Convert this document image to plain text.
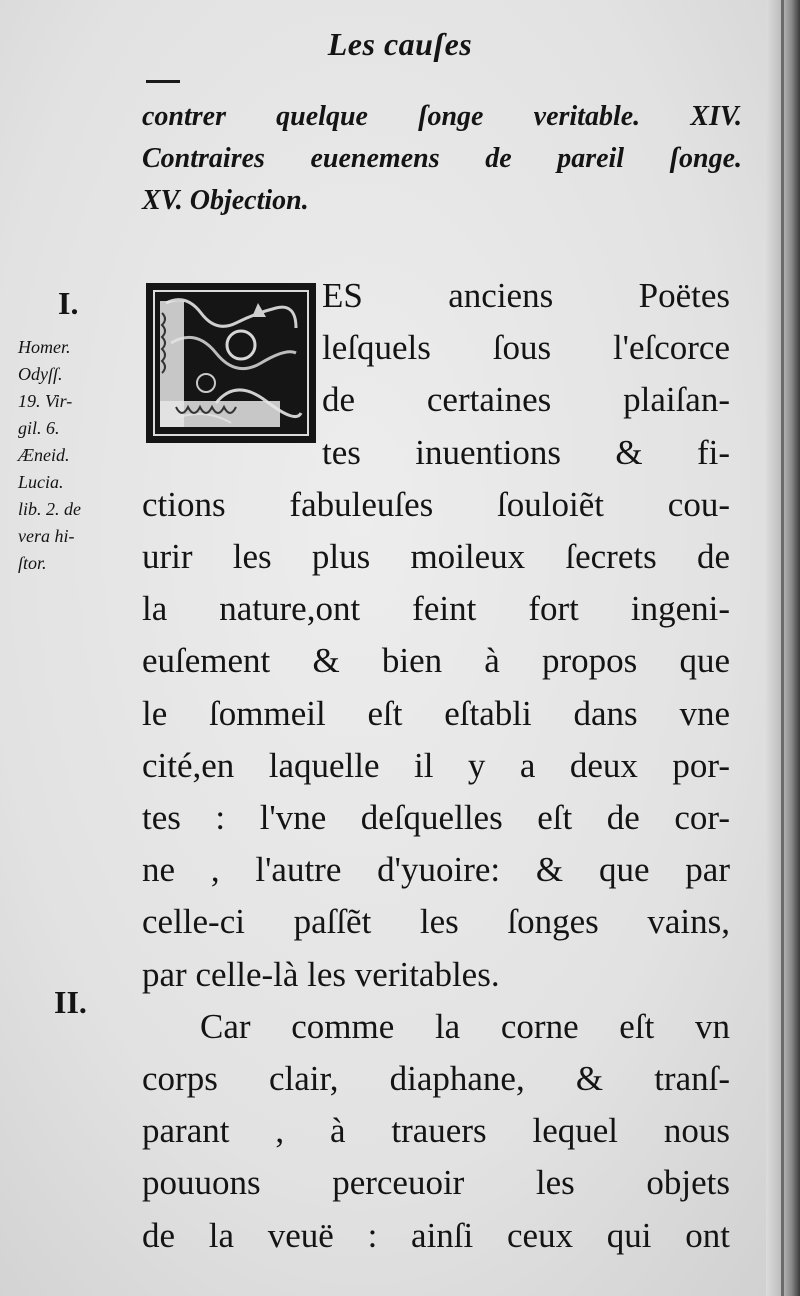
Les cauſes
contrer quelque ſonge veritable. XIV.
Contraires euenemens de pareil ſonge.
XV. Objection.
I.
II.
Homer.
Odyſſ.
19. Vir-
gil. 6.
Æneid.
Lucia.
lib. 2. de
vera hi-
ſtor.
ES anciens Poëtes
leſquels ſous l'eſcorce
de certaines plaiſan-
tes inuentions & fi-
ctions fabuleuſes ſouloiẽt cou-
urir les plus moileux ſecrets de
la nature,ont feint fort ingeni-
euſement & bien à propos que
le ſommeil eſt eſtabli dans vne
cité,en laquelle il y a deux por-
tes : l'vne deſquelles eſt de cor-
ne , l'autre d'yuoire: & que par
celle-ci paſſẽt les ſonges vains,
par celle-là les veritables.
Car comme la corne eſt vn
corps clair, diaphane, & tranſ-
parant , à trauers lequel nous
pouuons perceuoir les objets
de la veuë : ainſi ceux qui ont
